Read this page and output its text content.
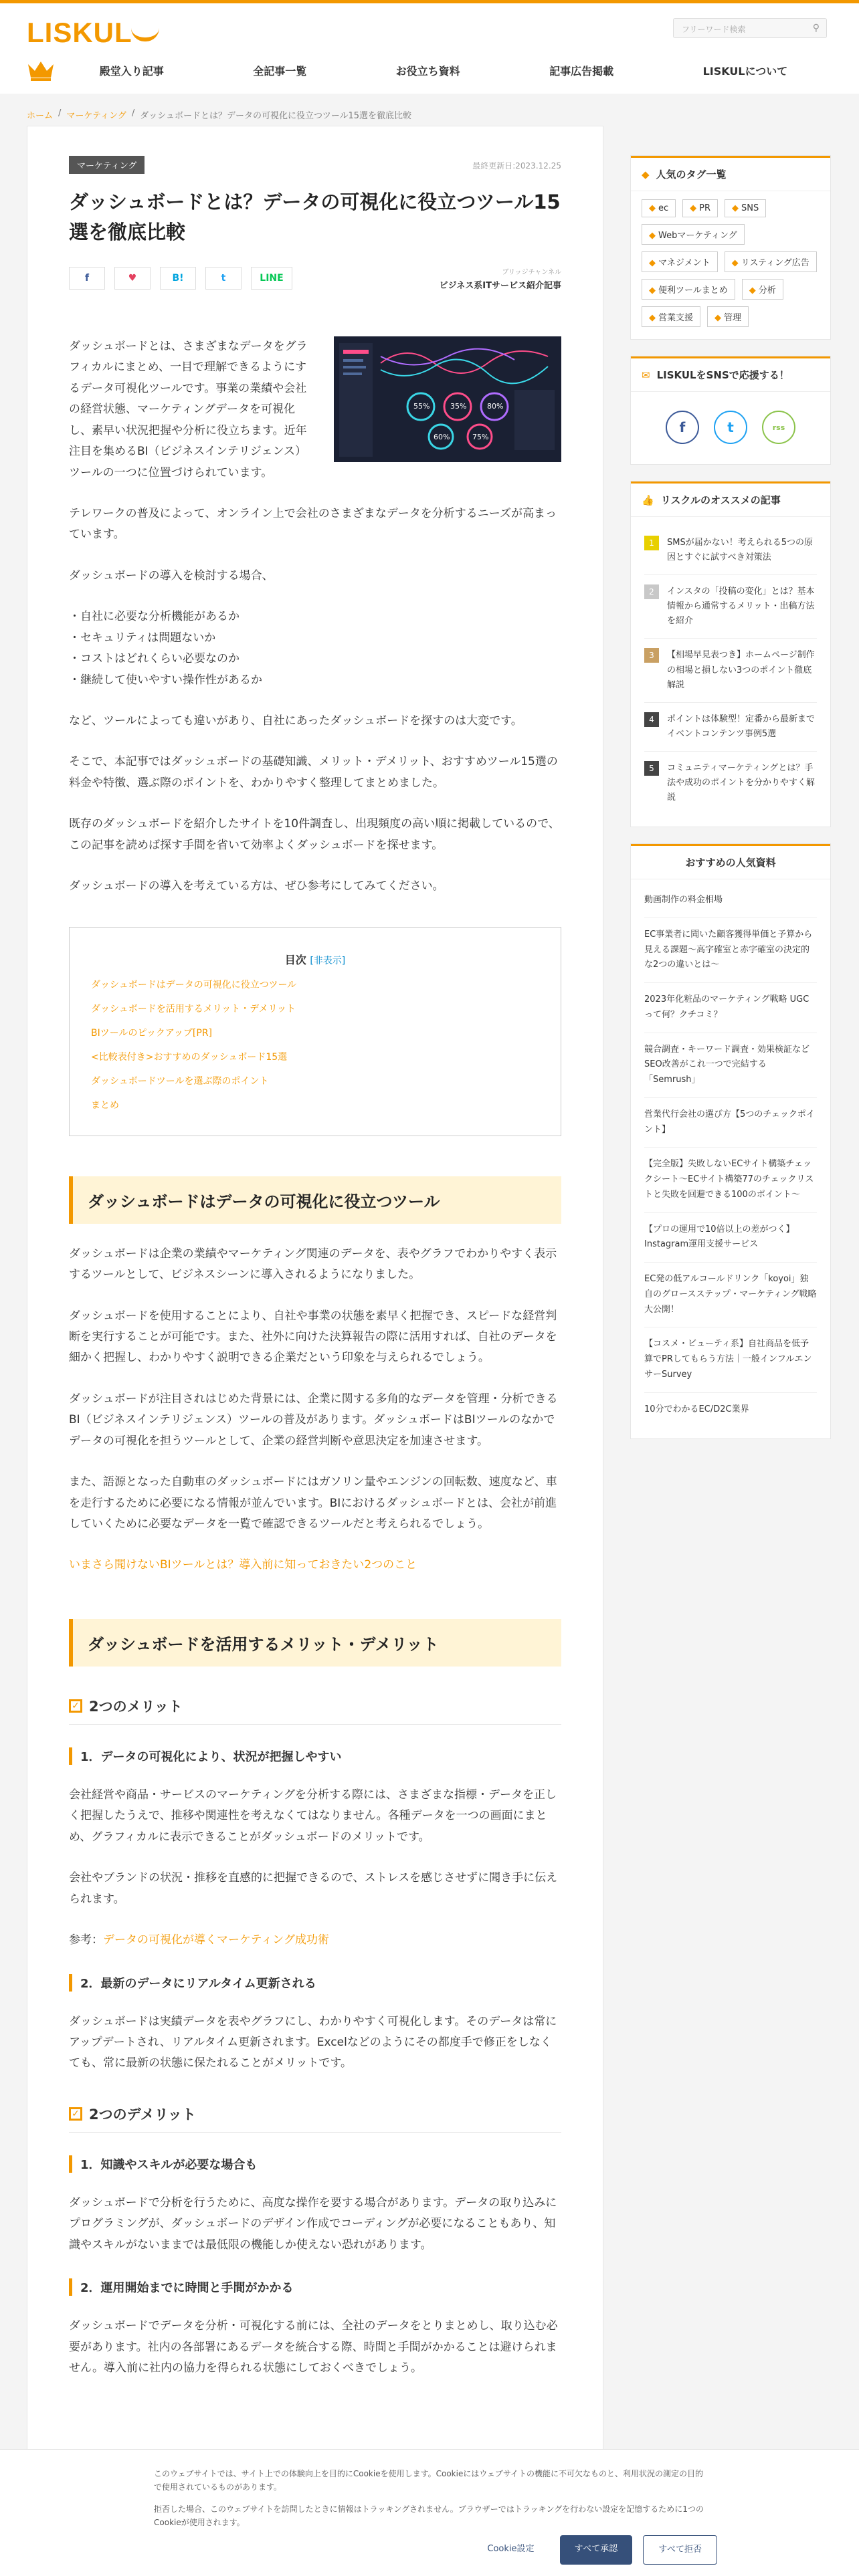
LISKUL	フリーワード検索	⚲
殿堂入り記事	全記事一覧	お役立ち資料	記事広告掲載	LISKULについて
ホーム / マーケティング / ダッシュボードとは？データの可視化に役立つツール15選を徹底比較
マーケティング	最終更新日:2023.12.25
ダッシュボードとは？データの可視化に役立つツール15選を徹底比較
f	♥	B!	t	LINE
ブリッジチャンネル
ビジネス系ITサービス紹介記事

ダッシュボードとは、さまざまなデータをグラフィカルにまとめ、一目で理解できるようにするデータ可視化ツールです。事業の業績や会社の経営状態、マーケティングデータを可視化し、素早い状況把握や分析に役立ちます。近年注目を集めるBI（ビジネスインテリジェンス）ツールの一つに位置づけられています。

55%	35%	80%
60%	75%

テレワークの普及によって、オンライン上で会社のさまざまなデータを分析するニーズが高まっています。

ダッシュボードの導入を検討する場合、

・自社に必要な分析機能があるか
・セキュリティは問題ないか
・コストはどれくらい必要なのか
・継続して使いやすい操作性があるか

など、ツールによっても違いがあり、自社にあったダッシュボードを探すのは大変です。

そこで、本記事ではダッシュボードの基礎知識、メリット・デメリット、おすすめツール15選の料金や特徴、選ぶ際のポイントを、わかりやすく整理してまとめました。

既存のダッシュボードを紹介したサイトを10件調査し、出現頻度の高い順に掲載しているので、この記事を読めば探す手間を省いて効率よくダッシュボードを探せます。

ダッシュボードの導入を考えている方は、ぜひ参考にしてみてください。

目次 [非表示]
ダッシュボードはデータの可視化に役立つツール
ダッシュボードを活用するメリット・デメリット
BIツールのピックアップ[PR]
<比較表付き>おすすめのダッシュボード15選
ダッシュボードツールを選ぶ際のポイント
まとめ
ダッシュボードはデータの可視化に役立つツール

ダッシュボードは企業の業績やマーケティング関連のデータを、表やグラフでわかりやすく表示するツールとして、ビジネスシーンに導入されるようになりました。

ダッシュボードを使用することにより、自社や事業の状態を素早く把握でき、スピードな経営判断を実行することが可能です。また、社外に向けた決算報告の際に活用すれば、自社のデータを細かく把握し、わかりやすく説明できる企業だという印象を与えられるでしょう。

ダッシュボードが注目されはじめた背景には、企業に関する多角的なデータを管理・分析できるBI（ビジネスインテリジェンス）ツールの普及があります。ダッシュボードはBIツールのなかでデータの可視化を担うツールとして、企業の経営判断や意思決定を加速させます。

また、語源となった自動車のダッシュボードにはガソリン量やエンジンの回転数、速度など、車を走行するために必要になる情報が並んでいます。BIにおけるダッシュボードとは、会社が前進していくために必要なデータを一覧で確認できるツールだと考えられるでしょう。

いまさら聞けないBIツールとは？導入前に知っておきたい2つのこと

ダッシュボードを活用するメリット・デメリット
✓ 2つのメリット
1．データの可視化により、状況が把握しやすい

会社経営や商品・サービスのマーケティングを分析する際には、さまざまな指標・データを正しく把握したうえで、推移や関連性を考えなくてはなりません。各種データを一つの画面にまとめ、グラフィカルに表示できることがダッシュボードのメリットです。

会社やブランドの状況・推移を直感的に把握できるので、ストレスを感じさせずに聞き手に伝えられます。

参考：データの可視化が導くマーケティング成功術

2．最新のデータにリアルタイム更新される

ダッシュボードは実績データを表やグラフにし、わかりやすく可視化します。そのデータは常にアップデートされ、リアルタイム更新されます。Excelなどのようにその都度手で修正をしなくても、常に最新の状態に保たれることがメリットです。

✓ 2つのデメリット
1．知識やスキルが必要な場合も

ダッシュボードで分析を行うために、高度な操作を要する場合があります。データの取り込みにプログラミングが、ダッシュボードのデザイン作成でコーディングが必要になることもあり、知識やスキルがないままでは最低限の機能しか使えない恐れがあります。

2．運用開始までに時間と手間がかかる

ダッシュボードでデータを分析・可視化する前には、全社のデータをとりまとめし、取り込む必要があります。社内の各部署にあるデータを統合する際、時間と手間がかかることは避けられません。導入前に社内の協力を得られる状態にしておくべきでしょう。

◆ 人気のタグ一覧
◆ ec	◆ PR	◆ SNS
◆ Webマーケティング
◆ マネジメント	◆ リスティング広告
◆ 便利ツールまとめ	◆ 分析
◆ 営業支援	◆ 管理
✉ LISKULをSNSで応援する！
f	t	rss
👍 リスクルのオススメの記事
1	SMSが届かない！考えられる5つの原因とすぐに試すべき対策法
2	インスタの「投稿の変化」とは？基本情報から通常するメリット・出稿方法を紹介
3	【相場早見表つき】ホームページ制作の相場と損しない3つのポイント徹底解説
4	ポイントは体験型！定番から最新までイベントコンテンツ事例5選
5	コミュニティマーケティングとは？手法や成功のポイントを分かりやすく解説
おすすめの人気資料
動画制作の料金相場
EC事業者に聞いた顧客獲得単価と予算から見える課題〜高字確室と赤字確室の決定的な2つの違いとは〜
2023年化粧品のマーケティング戦略 UGCって何？クチコミ？
競合調査・キーワード調査・効果検証などSEO改善がこれ一つで完結する「Semrush」
営業代行会社の選び方【5つのチェックポイント】
【完全版】失敗しないECサイト構築チェックシート〜ECサイト構築77のチェックリストと失敗を回避できる100のポイント〜
【プロの運用で10倍以上の差がつく】Instagram運用支援サービス
EC発の低アルコールドリンク「koyoi」独自のグロースステップ・マーケティング戦略大公開！
【コスメ・ビューティ系】自社商品を低予算でPRしてもらう方法｜一般インフルエンサーSurvey
10分でわかるEC/D2C業界

このウェブサイトでは、サイト上での体験向上を目的にCookieを使用します。Cookieにはウェブサイトの機能に不可欠なものと、利用状況の測定の目的で使用されているものがあります。

拒否した場合、このウェブサイトを訪問したときに情報はトラッキングされません。ブラウザーではトラッキングを行わない設定を記憶するために1つのCookieが使用されます。

Cookie設定	すべて承認	すべて拒否
